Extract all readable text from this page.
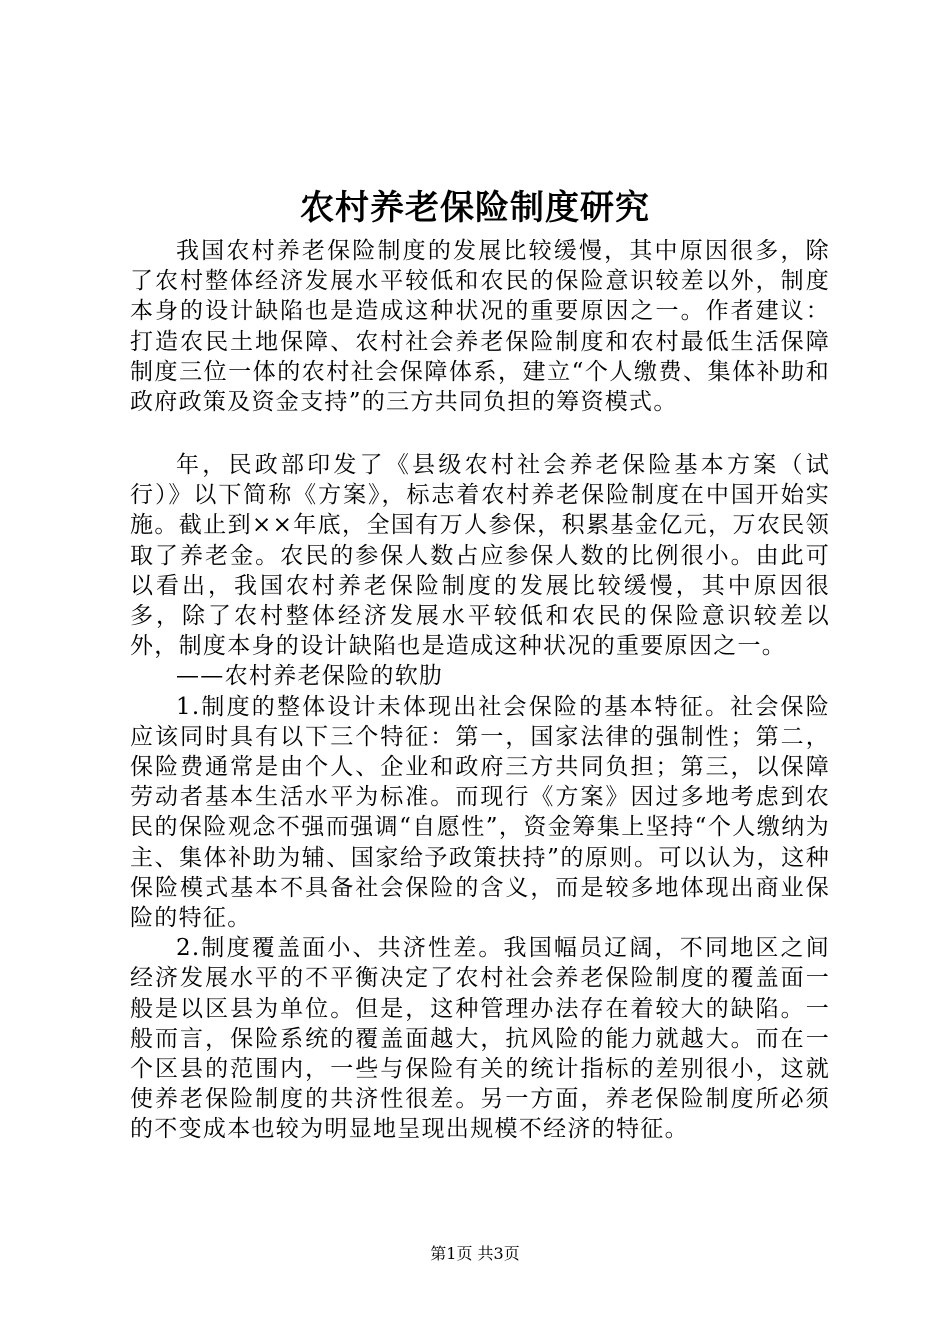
农村养老保险制度研究

我国农村养老保险制度的发展比较缓慢，其中原因很多，除了农村整体经济发展水平较低和农民的保险意识较差以外，制度本身的设计缺陷也是造成这种状况的重要原因之一。作者建议：打造农民土地保障、农村社会养老保险制度和农村最低生活保障制度三位一体的农村社会保障体系，建立“个人缴费、集体补助和政府政策及资金支持”的三方共同负担的筹资模式。

年，民政部印发了《县级农村社会养老保险基本方案（试行）》以下简称《方案》，标志着农村养老保险制度在中国开始实施。截止到××年底，全国有万人参保，积累基金亿元，万农民领取了养老金。农民的参保人数占应参保人数的比例很小。由此可以看出，我国农村养老保险制度的发展比较缓慢，其中原因很多，除了农村整体经济发展水平较低和农民的保险意识较差以外，制度本身的设计缺陷也是造成这种状况的重要原因之一。

——农村养老保险的软肋

1.制度的整体设计未体现出社会保险的基本特征。社会保险应该同时具有以下三个特征：第一，国家法律的强制性；第二，保险费通常是由个人、企业和政府三方共同负担；第三，以保障劳动者基本生活水平为标准。而现行《方案》因过多地考虑到农民的保险观念不强而强调“自愿性”，资金筹集上坚持“个人缴纳为主、集体补助为辅、国家给予政策扶持”的原则。可以认为，这种保险模式基本不具备社会保险的含义，而是较多地体现出商业保险的特征。

2.制度覆盖面小、共济性差。我国幅员辽阔，不同地区之间经济发展水平的不平衡决定了农村社会养老保险制度的覆盖面一般是以区县为单位。但是，这种管理办法存在着较大的缺陷。一般而言，保险系统的覆盖面越大，抗风险的能力就越大。而在一个区县的范围内，一些与保险有关的统计指标的差别很小，这就使养老保险制度的共济性很差。另一方面，养老保险制度所必须的不变成本也较为明显地呈现出规模不经济的特征。

第1页 共3页
